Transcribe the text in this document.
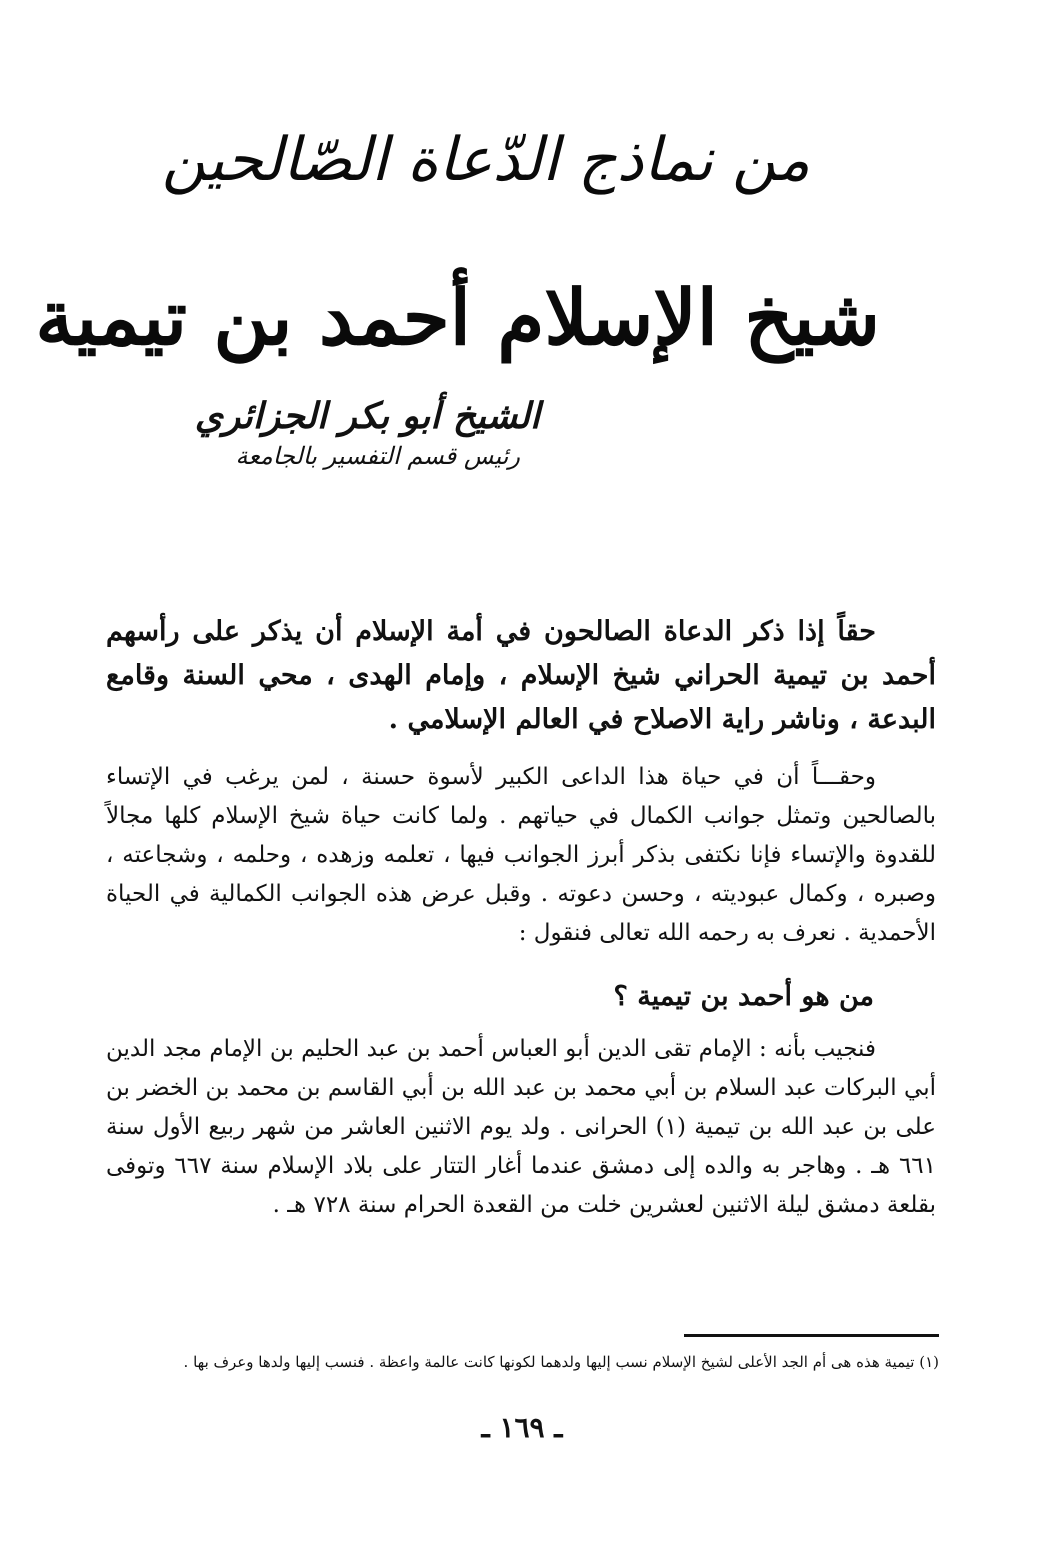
من نماذج الدّعاة الصّالحين
شيخ الإسلام أحمد بن تيمية
الشيخ أبو بكر الجزائري
رئيس قسم التفسير بالجامعة

حقاً إذا ذكر الدعاة الصالحون في أمة الإسلام أن يذكر على رأسهم أحمد بن تيمية الحراني شيخ الإسلام ، وإمام الهدى ، محي السنة وقامع البدعة ، وناشر راية الاصلاح في العالم الإسلامي .

وحقـــاً أن في حياة هذا الداعى الكبير لأسوة حسنة ، لمن يرغب في الإتساء بالصالحين وتمثل جوانب الكمال في حياتهم . ولما كانت حياة شيخ الإسلام كلها مجالاً للقدوة والإتساء فإنا نكتفى بذكر أبرز الجوانب فيها ، تعلمه وزهده ، وحلمه ، وشجاعته ، وصبره ، وكمال عبوديته ، وحسن دعوته . وقبل عرض هذه الجوانب الكمالية في الحياة الأحمدية . نعرف به رحمه الله تعالى فنقول :

من هو أحمد بن تيمية ؟

فنجيب بأنه : الإمام تقى الدين أبو العباس أحمد بن عبد الحليم بن الإمام مجد الدين أبي البركات عبد السلام بن أبي محمد بن عبد الله بن أبي القاسم بن محمد بن الخضر بن على بن عبد الله بن تيمية (١) الحرانى . ولد يوم الاثنين العاشر من شهر ربيع الأول سنة ٦٦١ هـ . وهاجر به والده إلى دمشق عندما أغار التتار على بلاد الإسلام سنة ٦٦٧ وتوفى بقلعة دمشق ليلة الاثنين لعشرين خلت من القعدة الحرام سنة ٧٢٨ هـ .

(١) تيمية هذه هى أم الجد الأعلى لشيخ الإسلام نسب إليها ولدهما لكونها كانت عالمة واعظة . فنسب إليها ولدها وعرف بها .
ـ ١٦٩ ـ
